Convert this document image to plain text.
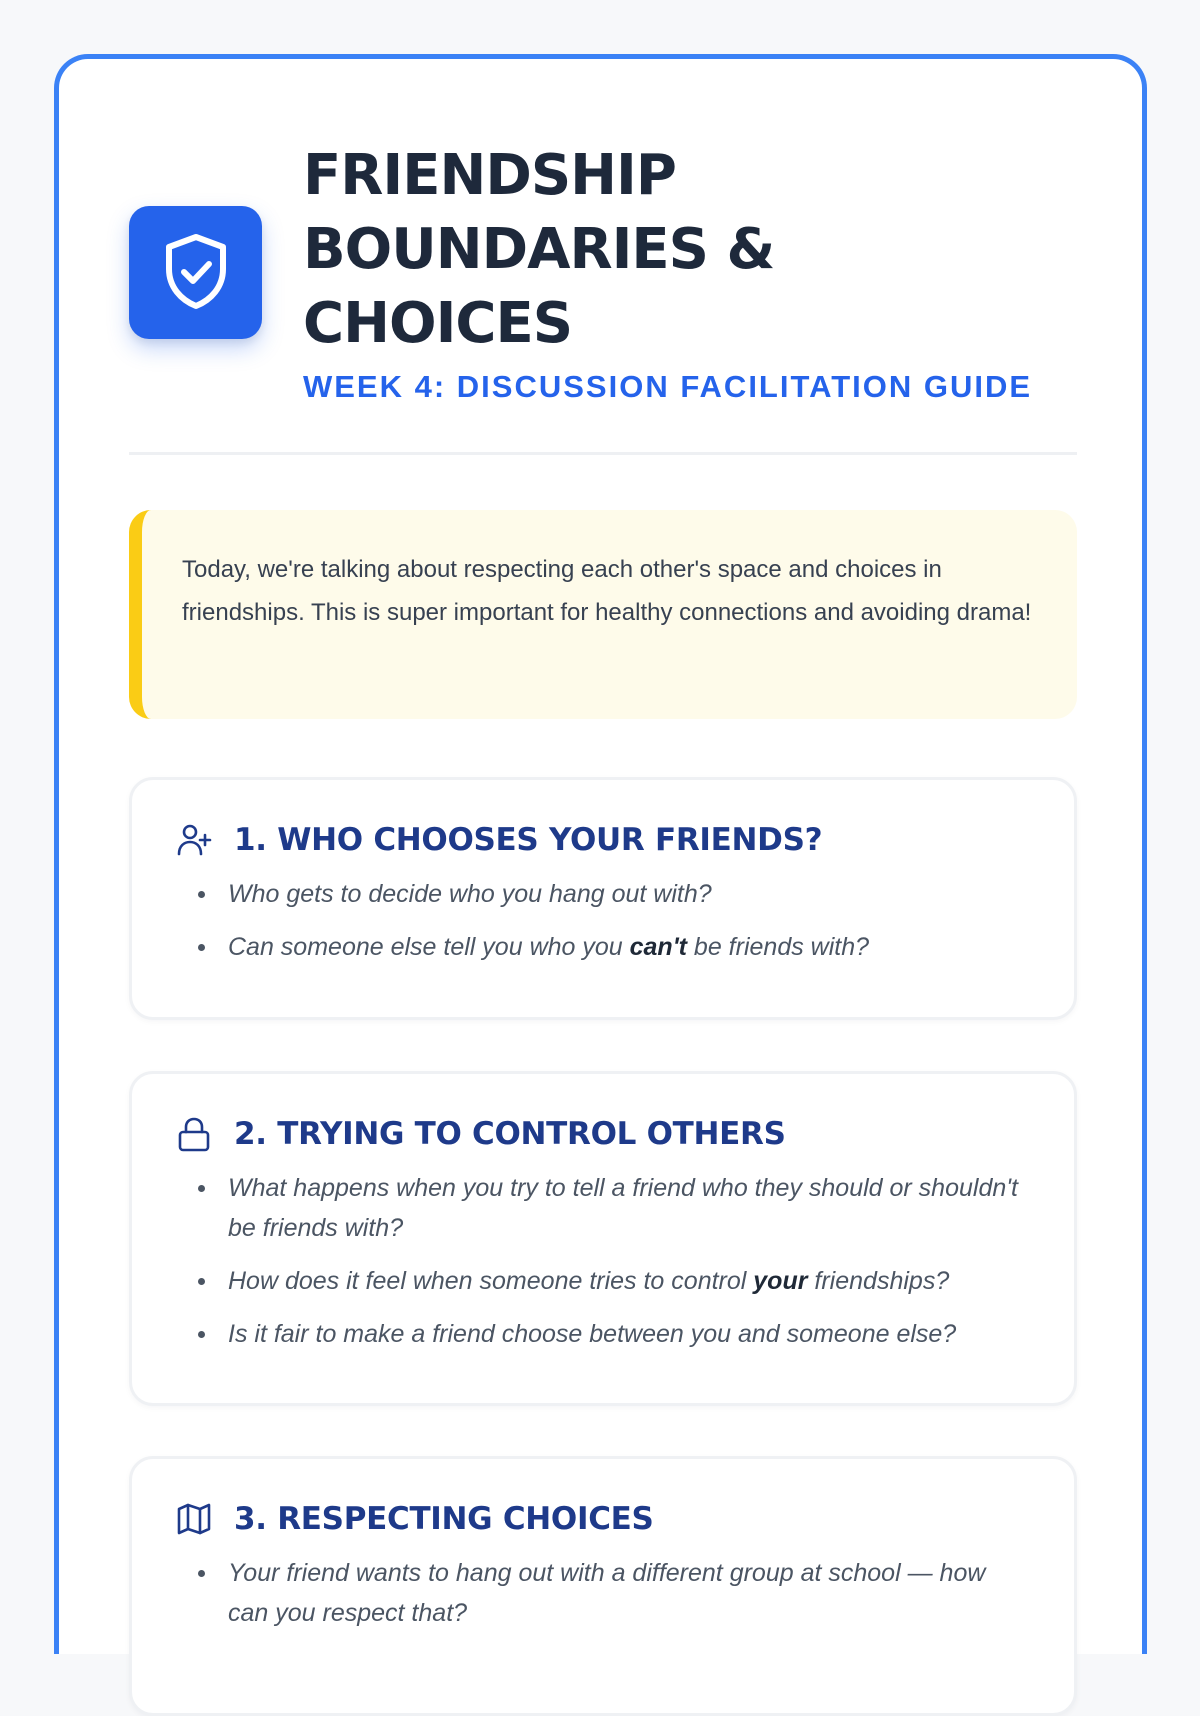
FRIENDSHIP BOUNDARIES & CHOICES
WEEK 4: DISCUSSION FACILITATION GUIDE

Today, we're talking about respecting each other's space and choices in friendships. This is super important for healthy connections and avoiding drama!

1. WHO CHOOSES YOUR FRIENDS?
Who gets to decide who you hang out with?
Can someone else tell you who you can't be friends with?
2. TRYING TO CONTROL OTHERS
What happens when you try to tell a friend who they should or shouldn't be friends with?
How does it feel when someone tries to control your friendships?
Is it fair to make a friend choose between you and someone else?
3. RESPECTING CHOICES
Your friend wants to hang out with a different group at school — how can you respect that?
